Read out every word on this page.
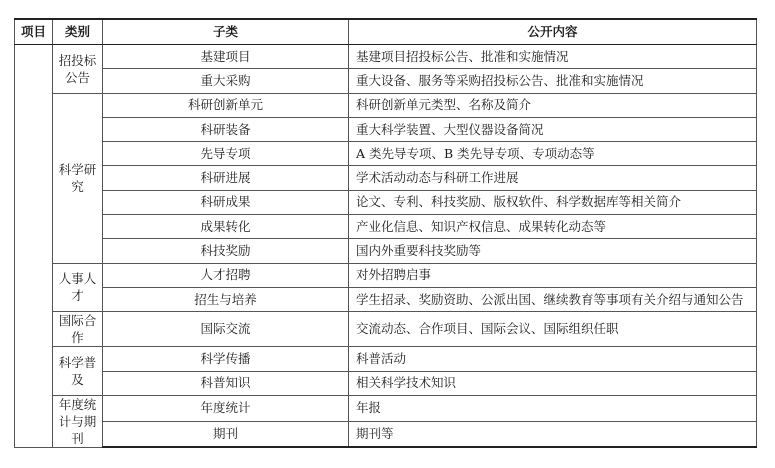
项目	类别	子类	公开内容
	招投标公告	基建项目	基建项目招投标公告、批准和实施情况
		重大采购	重大设备、服务等采购招投标公告、批准和实施情况
	科学研究	科研创新单元	科研创新单元类型、名称及简介
		科研装备	重大科学装置、大型仪器设备简况
		先导专项	A 类先导专项、B 类先导专项、专项动态等
		科研进展	学术活动动态与科研工作进展
		科研成果	论文、专利、科技奖励、版权软件、科学数据库等相关简介
		成果转化	产业化信息、知识产权信息、成果转化动态等
		科技奖励	国内外重要科技奖励等
	人事人才	人才招聘	对外招聘启事
		招生与培养	学生招录、奖励资助、公派出国、继续教育等事项有关介绍与通知公告
	国际合作	国际交流	交流动态、合作项目、国际会议、国际组织任职
	科学普及	科学传播	科普活动
		科普知识	相关科学技术知识
	年度统计与期刊	年度统计	年报
		期刊	期刊等
